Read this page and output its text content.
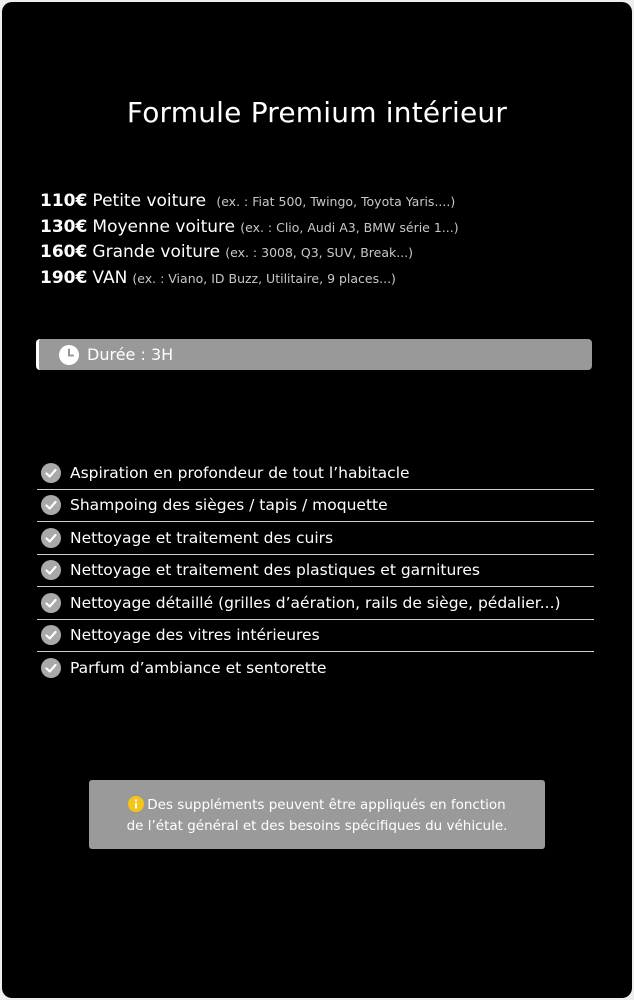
Formule Premium intérieur
110€ Petite voiture (ex. : Fiat 500, Twingo, Toyota Yaris....)
130€ Moyenne voiture (ex. : Clio, Audi A3, BMW série 1...)
160€ Grande voiture (ex. : 3008, Q3, SUV, Break...)
190€ VAN (ex. : Viano, ID Buzz, Utilitaire, 9 places...)
Durée : 3H
Aspiration en profondeur de tout l’habitacle
Shampoing des sièges / tapis / moquette
Nettoyage et traitement des cuirs
Nettoyage et traitement des plastiques et garnitures
Nettoyage détaillé (grilles d’aération, rails de siège, pédalier...)
Nettoyage des vitres intérieures
Parfum d’ambiance et sentorette
Des suppléments peuvent être appliqués en fonction
de l’état général et des besoins spécifiques du véhicule.
